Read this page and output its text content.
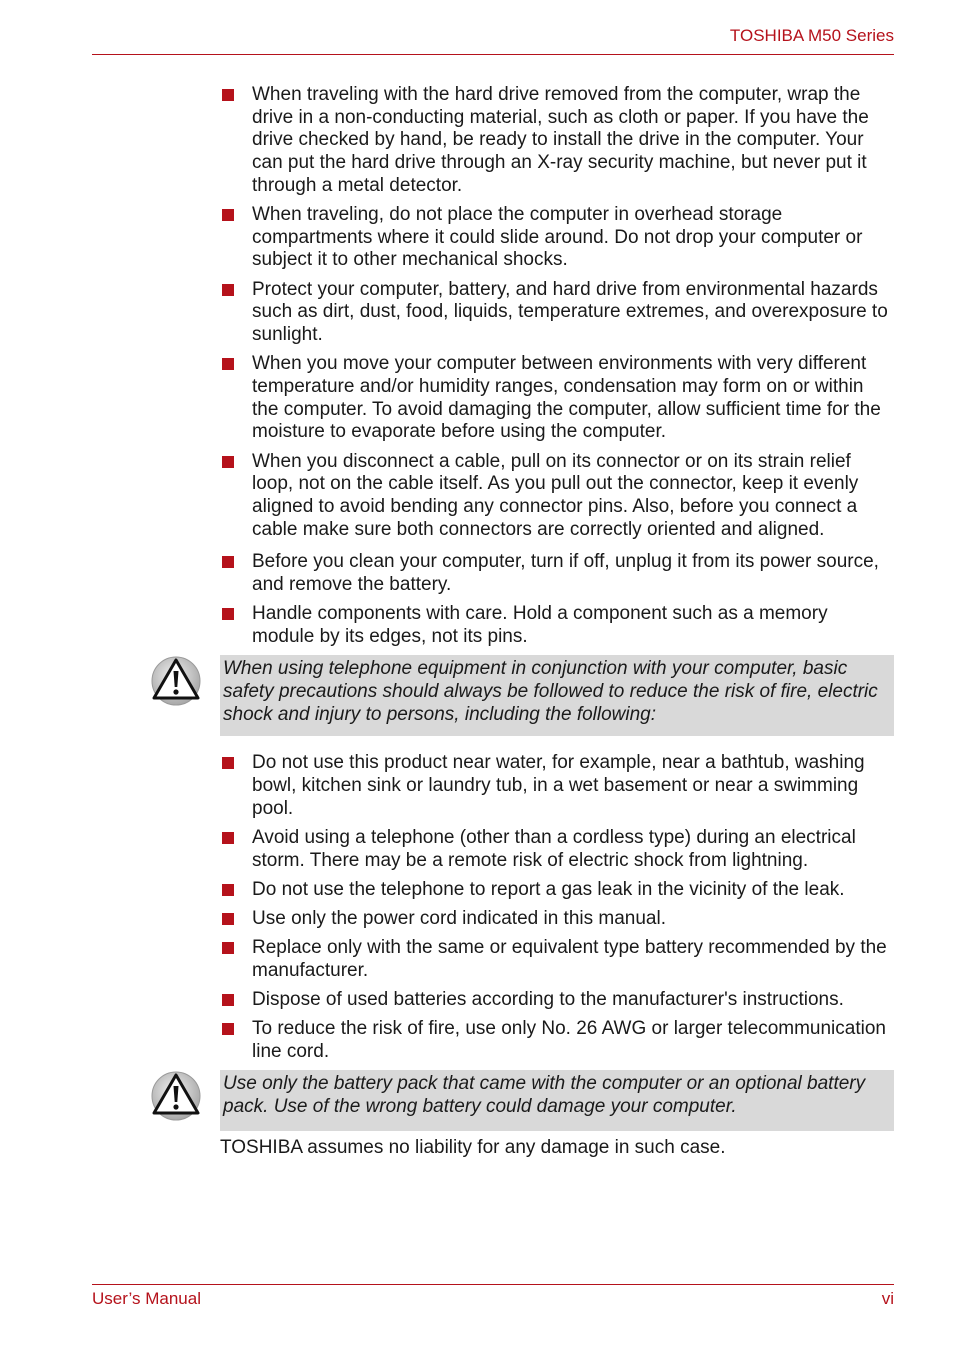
TOSHIBA M50 Series
When traveling with the hard drive removed from the computer, wrap the drive in a non-conducting material, such as cloth or paper. If you have the drive checked by hand, be ready to install the drive in the computer. Your can put the hard drive through an X-ray security machine, but never put it through a metal detector.
When traveling, do not place the computer in overhead storage compartments where it could slide around. Do not drop your computer or subject it to other mechanical shocks.
Protect your computer, battery, and hard drive from environmental hazards such as dirt, dust, food, liquids, temperature extremes, and overexposure to sunlight.
When you move your computer between environments with very different temperature and/or humidity ranges, condensation may form on or within the computer. To avoid damaging the computer, allow sufficient time for the moisture to evaporate before using the computer.
When you disconnect a cable, pull on its connector or on its strain relief loop, not on the cable itself. As you pull out the connector, keep it evenly aligned to avoid bending any connector pins. Also, before you connect a cable make sure both connectors are correctly oriented and aligned.
Before you clean your computer, turn if off, unplug it from its power source, and remove the battery.
Handle components with care. Hold a component such as a memory module by its edges, not its pins.
When using telephone equipment in conjunction with your computer, basic safety precautions should always be followed to reduce the risk of fire, electric shock and injury to persons, including the following:
Do not use this product near water, for example, near a bathtub, washing bowl, kitchen sink or laundry tub, in a wet basement or near a swimming pool.
Avoid using a telephone (other than a cordless type) during an electrical storm. There may be a remote risk of electric shock from lightning.
Do not use the telephone to report a gas leak in the vicinity of the leak.
Use only the power cord indicated in this manual.
Replace only with the same or equivalent type battery recommended by the manufacturer.
Dispose of used batteries according to the manufacturer's instructions.
To reduce the risk of fire, use only No. 26 AWG or larger telecommunication line cord.
Use only the battery pack that came with the computer or an optional battery pack. Use of the wrong battery could damage your computer.
TOSHIBA assumes no liability for any damage in such case.
User’s Manual	vi
